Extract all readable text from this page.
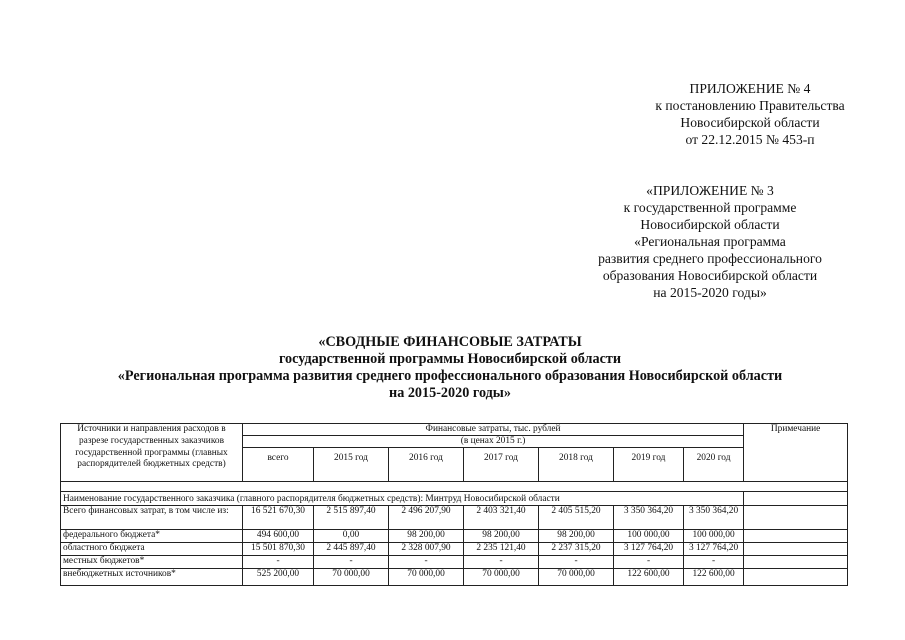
ПРИЛОЖЕНИЕ № 4
к постановлению Правительства
Новосибирской области
от 22.12.2015 № 453-п
«ПРИЛОЖЕНИЕ № 3
к государственной программе
Новосибирской области
«Региональная программа
развития среднего профессионального
образования Новосибирской области
на 2015-2020 годы»
«СВОДНЫЕ ФИНАНСОВЫЕ ЗАТРАТЫ
государственной программы Новосибирской области
«Региональная программа развития среднего профессионального образования Новосибирской области
на 2015-2020 годы»
Источники и направления расходов в разрезе государственных заказчиков государственной программы (главных распорядителей бюджетных средств)	Финансовые затраты, тыс. рублей							Примечание
	(в ценах 2015 г.)							
	всего	2015 год	2016 год	2017 год	2018 год	2019 год	2020 год	

Наименование государственного заказчика (главного распорядителя бюджетных средств): Минтруд Новосибирской области								
Всего финансовых затрат, в том числе из:	16 521 670,30	2 515 897,40	2 496 207,90	2 403 321,40	2 405 515,20	3 350 364,20	3 350 364,20	
федерального бюджета*	494 600,00	0,00	98 200,00	98 200,00	98 200,00	100 000,00	100 000,00	
областного бюджета	15 501 870,30	2 445 897,40	2 328 007,90	2 235 121,40	2 237 315,20	3 127 764,20	3 127 764,20	
местных бюджетов*	-	-	-	-	-	-	-	
внебюджетных источников*	525 200,00	70 000,00	70 000,00	70 000,00	70 000,00	122 600,00	122 600,00	
